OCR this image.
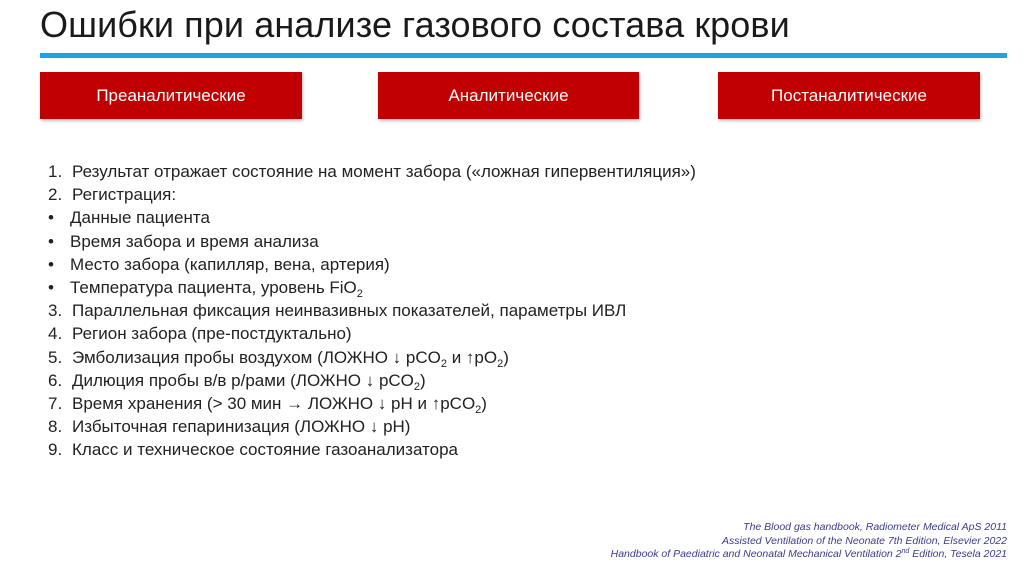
Ошибки при анализе газового состава крови
Преаналитические	Аналитические	Постаналитические
1. Результат отражает состояние на момент забора («ложная гипервентиляция»)
2. Регистрация:
• Данные пациента
• Время забора и время анализа
• Место забора (капилляр, вена, артерия)
• Температура пациента, уровень FiO$_2$
3. Параллельная фиксация неинвазивных показателей, параметры ИВЛ
4. Регион забора (пре-постдуктально)
5. Эмболизация пробы воздухом (ЛОЖНО ↓ pCO$_2$ и $↑pO_2$)
6. Дилюция пробы в/в р/рами (ЛОЖНО ↓ pCO$_2$)
7. Время хранения (> 30 мин → ЛОЖНО ↓ pH и ↑pCO$_2$)
8. Избыточная гепаринизация (ЛОЖНО ↓ pH)
9. Класс и техническое состояние газоанализатора
The Blood gas handbook, Radiometer Medical ApS 2011
Assisted Ventilation of the Neonate 7th Edition, Elsevier 2022
Handbook of Paediatric and Neonatal Mechanical Ventilation 2nd Edition, Tesela 2021
